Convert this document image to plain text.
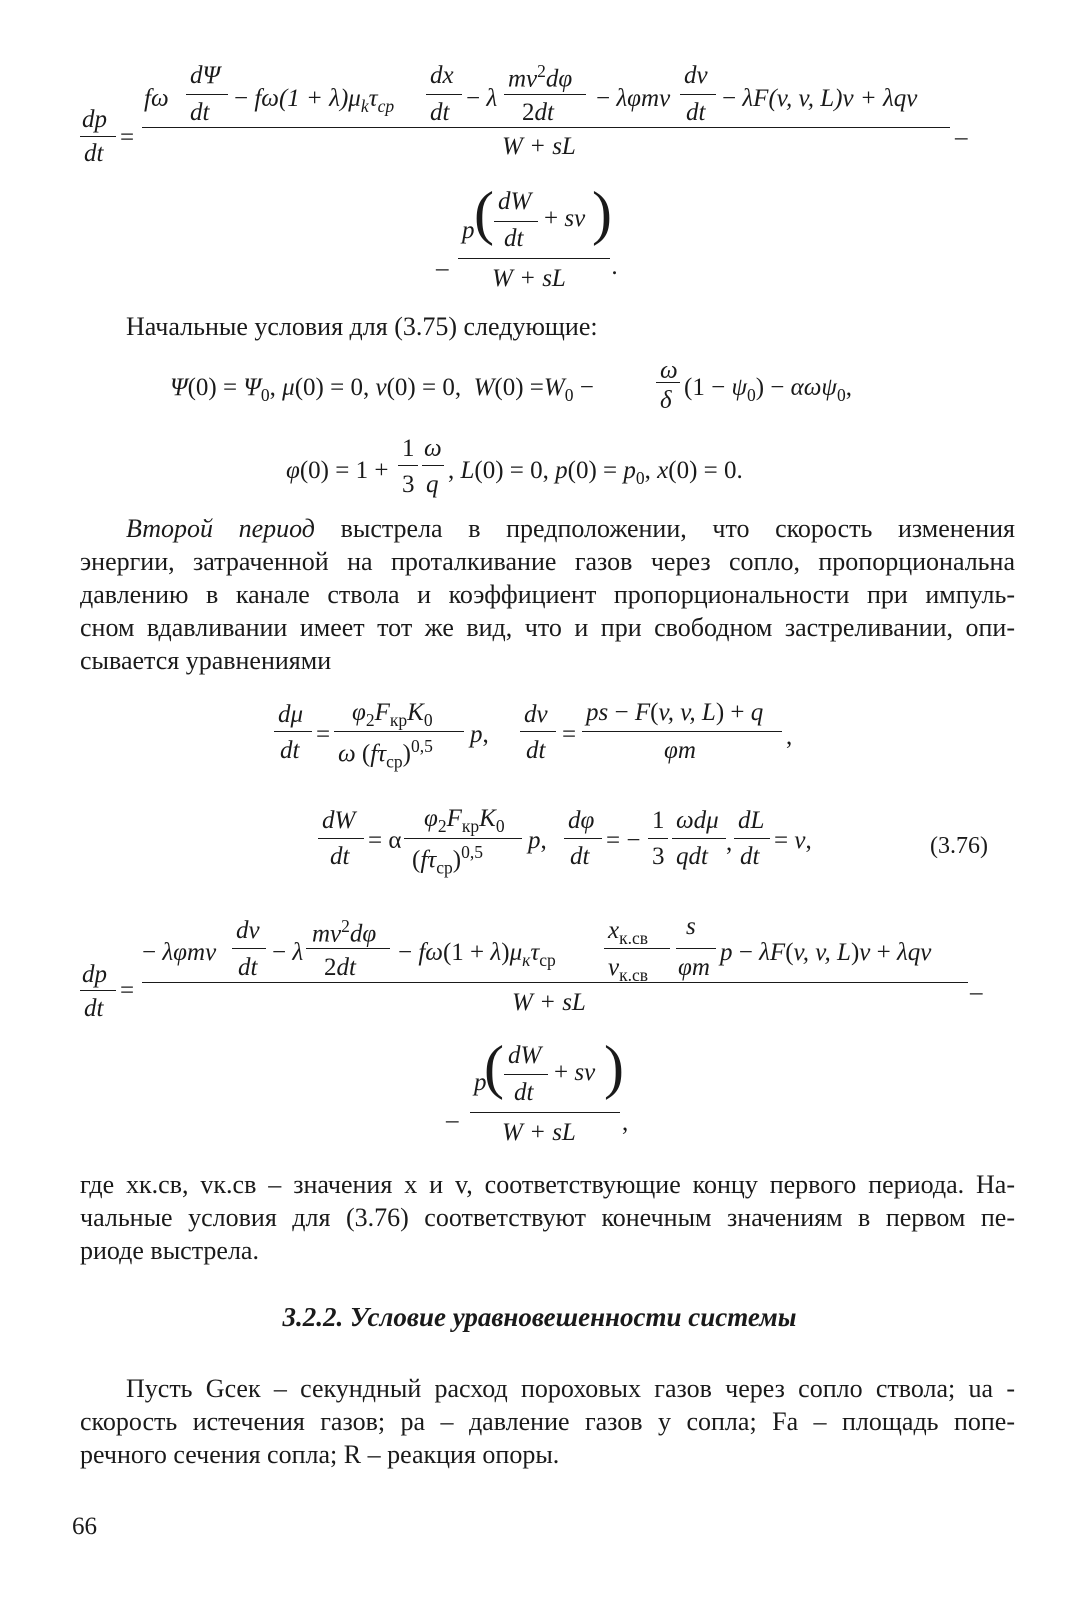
dp
dt
=
fω
dΨ
dt
− $f\omega(1 + \lambda)\mu_k\tau_{cp}$
dx
dt
− λ
$mv^2d\varphi$
2dt
− λφmv
dv
dt
− λF(v, v, L)v + λqv
W + sL	–
–
p ( dW
dt
+ sv )
.
W + sL
Начальные условия для (3.75) следующие:
$\Psi(0) = \Psi_0$, μ(0) = 0, v(0) = 0,  $W(0) =W_0$ −
ω
δ $(1 - \psi_0) - \alpha\omega\psi_0$,
φ(0) = 1 +
1
3
ω
q
, L(0) = 0, $p(0) = p_0$, x(0) = 0.
Второй период выстрела в предположении, что скорость изменения
энергии, затраченной на проталкивание газов через сопло, пропорциональна
давлению в канале ствола и коэффициент пропорциональности при импуль-
сном вдавливании имеет тот же вид, что и при свободном застреливании, опи-
сывается уравнениями
dμ
dt
=
$\varphi_2F_{кр}K_0$
ω $(f\tau_{cp})^{0,5}$ p,
dv
dt
=
ps − F(v, v, L) + q
φm
,
dW
dt
= α
$\varphi_2F_{кр}K_0$
$(f\tau_{cp})^{0,5}$ p,
dφ
dt
= −
1
3
ωdμ
qdt
,
dL
dt
= v,
dp
dt
=
− λφmv
dv
dt
− λ
$mv^2d\varphi$
2dt
− $f\omega(1 + \lambda)\mu_к\tau_{cp}$
$x_{к.св}$
$v_{к.св}$
s
φm
p − λF(v, v, L)v + λqv
W + sL	–
–
p
( dW
dt
+ sv )
,
W + sL
(3.76)
где xк.св, vк.св – значения x и v, соответствующие концу первого периода. На-
чальные условия для (3.76) соответствуют конечным значениям в первом пе-
риоде выстрела.
3.2.2. Условие уравновешенности системы
Пусть Gсек – секундный расход пороховых газов через сопло ствола; uа -
скорость истечения газов; pа – давление газов у сопла; Fа – площадь попе-
речного сечения сопла; R – реакция опоры.
66
